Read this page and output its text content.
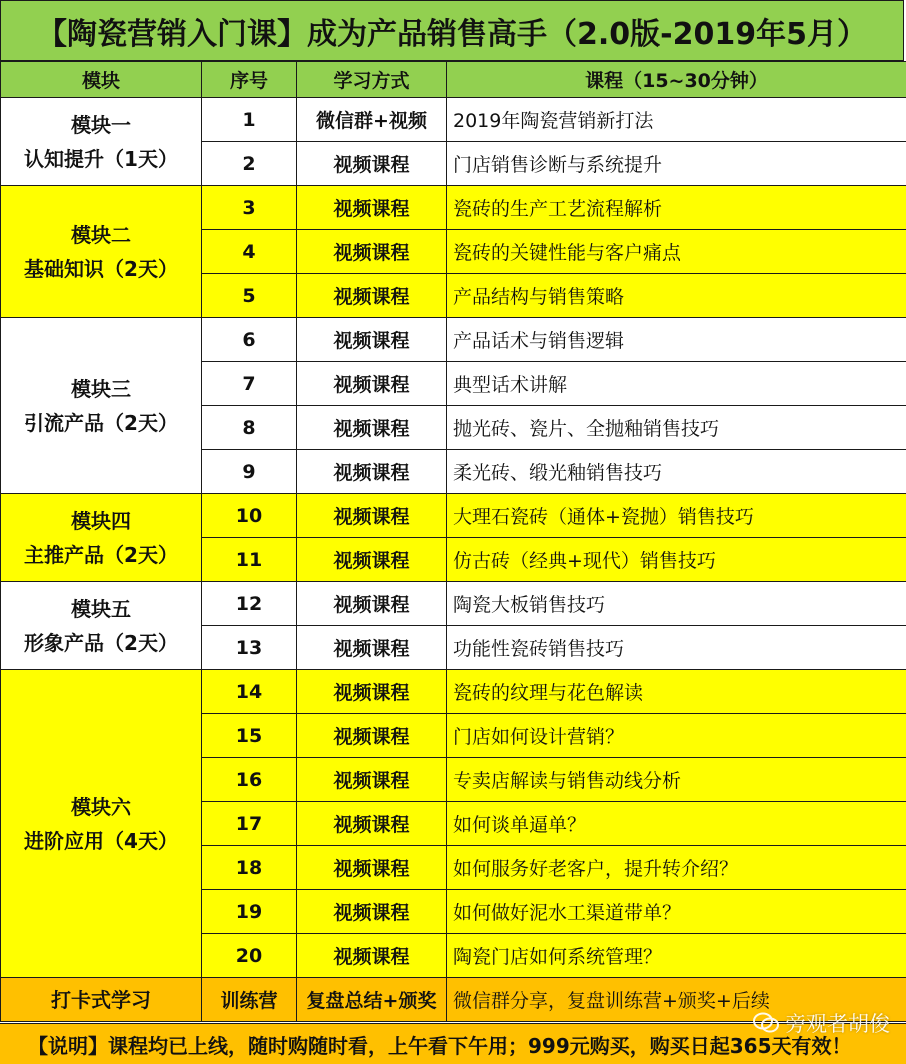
【陶瓷营销入门课】成为产品销售高手（2.0版-2019年5月）
模块	序号	学习方式	课程（15~30分钟）

模块一
认知提升（1天）	1	微信群+视频	2019年陶瓷营销新打法
	2	视频课程	门店销售诊断与系统提升

模块二
基础知识（2天）	3	视频课程	瓷砖的生产工艺流程解析
	4	视频课程	瓷砖的关键性能与客户痛点
	5	视频课程	产品结构与销售策略

模块三
引流产品（2天）	6	视频课程	产品话术与销售逻辑
	7	视频课程	典型话术讲解
	8	视频课程	抛光砖、瓷片、全抛釉销售技巧
	9	视频课程	柔光砖、缎光釉销售技巧

模块四
主推产品（2天）	10	视频课程	大理石瓷砖（通体+瓷抛）销售技巧
	11	视频课程	仿古砖（经典+现代）销售技巧

模块五
形象产品（2天）	12	视频课程	陶瓷大板销售技巧
	13	视频课程	功能性瓷砖销售技巧

模块六
进阶应用（4天）	14	视频课程	瓷砖的纹理与花色解读
	15	视频课程	门店如何设计营销？
	16	视频课程	专卖店解读与销售动线分析
	17	视频课程	如何谈单逼单？
	18	视频课程	如何服务好老客户，提升转介绍？
	19	视频课程	如何做好泥水工渠道带单？
	20	视频课程	陶瓷门店如何系统管理？
打卡式学习	训练营	复盘总结+颁奖	微信群分享，复盘训练营+颁奖+后续
【说明】课程均已上线，随时购随时看，上午看下午用；999元购买，购买日起365天有效！
旁观者胡俊
